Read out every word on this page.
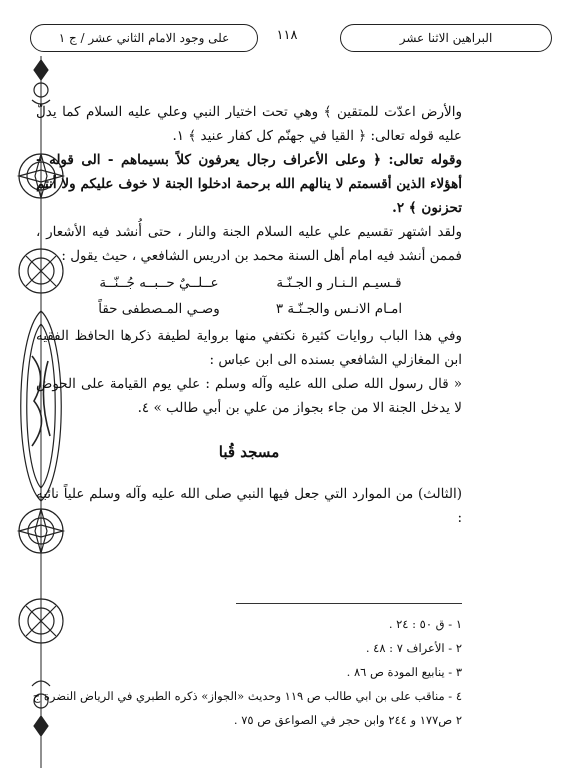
البراهين الاثنا عشر
١١٨
على وجود الامام الثاني عشر / ج ١

والأرض اعدّت للمتقين ﴾ وهي تحت اختيار النبي وعلي عليه السلام كما يدلّ عليه قوله تعالى: ﴿ القيا في جهنّم كل كفار عنيد ﴾ ١.

وقوله تعالى: ﴿ وعلى الأعراف رجال يعرفون كلاً بسيماهم - الى قوله - أهؤلاء الذين أقسمتم لا ينالهم الله برحمة ادخلوا الجنة لا خوف عليكم ولا أنتم تحزنون ﴾ ٢.

ولقد اشتهر تقسيم علي عليه السلام الجنة والنار ، حتى أُنشد فيه الأشعار ، فممن أنشد فيه امام أهل السنة محمد بن ادريس الشافعي ، حيث يقول :

قـسيـم الـنـار و الجـنّـة
عــلــيٌ حــبــه جُــنّــة
امـام الانـس والجـنّـة ٣
وصـي المـصطفى حقاً

وفي هذا الباب روايات كثيرة نكتفي منها برواية لطيفة ذكرها الحافظ الفقيه ابن المغازلي الشافعي بسنده الى ابن عباس :

« قال رسول الله صلى الله عليه وآله وسلم : علي يوم القيامة على الحوض لا يدخل الجنة الا من جاء بجواز من علي بن أبي طالب » ٤.

مسجد قُبا

(الثالث) من الموارد التي جعل فيها النبي صلى الله عليه وآله وسلم علياً نائبه :

١ - ق ٥٠ : ٢٤ .

٢ - الأعراف ٧ : ٤٨ .

٣ - ينابيع المودة ص ٨٦ .

٤ - مناقب على بن ابي طالب ص ١١٩ وحديث «الجواز» ذكره الطبري في الرياض النضرة ج ٢ ص١٧٧ و ٢٤٤ وابن حجر في الصواعق ص ٧٥ .
